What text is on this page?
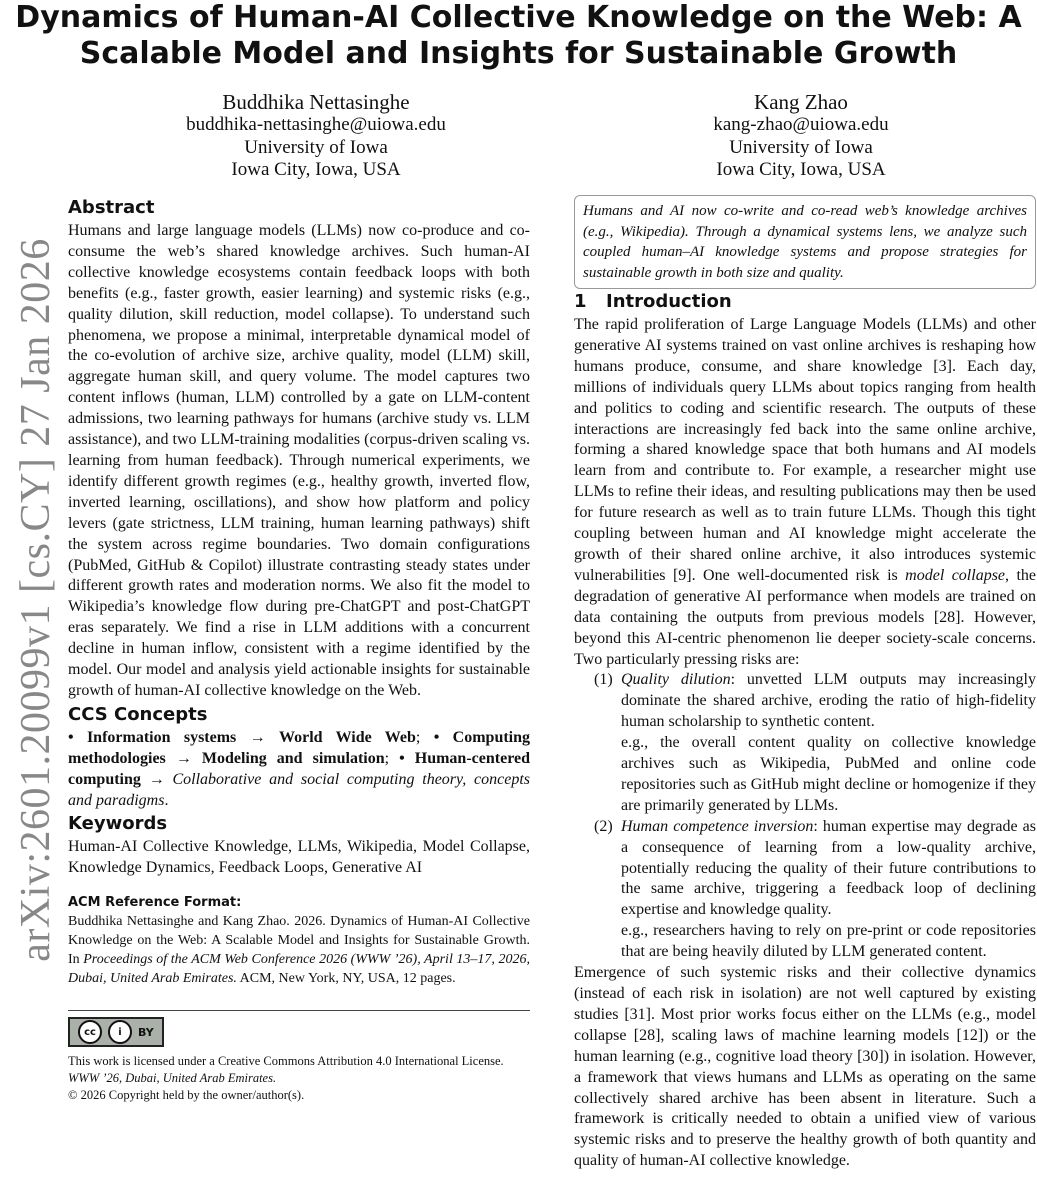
Dynamics of Human-AI Collective Knowledge on the Web: A
Scalable Model and Insights for Sustainable Growth
Buddhika Nettasinghe
buddhika-nettasinghe@uiowa.edu
University of Iowa
Iowa City, Iowa, USA
Kang Zhao
kang-zhao@uiowa.edu
University of Iowa
Iowa City, Iowa, USA
arXiv:2601.20099v1 [cs.CY] 27 Jan 2026
Abstract

Humans and large language models (LLMs) now co-produce and co-consume the web’s shared knowledge archives. Such human-AI collective knowledge ecosystems contain feedback loops with both benefits (e.g., faster growth, easier learning) and systemic risks (e.g., quality dilution, skill reduction, model collapse). To understand such phenomena, we propose a minimal, interpretable dynamical model of the co-evolution of archive size, archive quality, model (LLM) skill, aggregate human skill, and query volume. The model captures two content inflows (human, LLM) controlled by a gate on LLM-content admissions, two learning pathways for humans (archive study vs. LLM assistance), and two LLM-training modalities (corpus-driven scaling vs. learning from human feedback). Through numerical experiments, we identify different growth regimes (e.g., healthy growth, inverted flow, inverted learning, oscillations), and show how platform and policy levers (gate strictness, LLM training, human learning pathways) shift the system across regime boundaries. Two domain configurations (PubMed, GitHub & Copilot) illustrate contrasting steady states under different growth rates and moderation norms. We also fit the model to Wikipedia’s knowledge flow during pre-ChatGPT and post-ChatGPT eras separately. We find a rise in LLM additions with a concurrent decline in human inflow, consistent with a regime identified by the model. Our model and analysis yield actionable insights for sustainable growth of human-AI collective knowledge on the Web.

CCS Concepts

• Information systems → World Wide Web; • Computing methodologies → Modeling and simulation; • Human-centered computing → Collaborative and social computing theory, concepts and paradigms.

Keywords

Human-AI Collective Knowledge, LLMs, Wikipedia, Model Collapse, Knowledge Dynamics, Feedback Loops, Generative AI

ACM Reference Format:

Buddhika Nettasinghe and Kang Zhao. 2026. Dynamics of Human-AI Collective Knowledge on the Web: A Scalable Model and Insights for Sustainable Growth. In Proceedings of the ACM Web Conference 2026 (WWW ’26), April 13–17, 2026, Dubai, United Arab Emirates. ACM, New York, NY, USA, 12 pages.

cc	i	BY

This work is licensed under a Creative Commons Attribution 4.0 International License.
WWW ’26, Dubai, United Arab Emirates.
© 2026 Copyright held by the owner/author(s).

Humans and AI now co-write and co-read web’s knowledge archives (e.g., Wikipedia). Through a dynamical systems lens, we analyze such coupled human–AI knowledge systems and propose strategies for sustainable growth in both size and quality.
1 Introduction

The rapid proliferation of Large Language Models (LLMs) and other generative AI systems trained on vast online archives is reshaping how humans produce, consume, and share knowledge [3]. Each day, millions of individuals query LLMs about topics ranging from health and politics to coding and scientific research. The outputs of these interactions are increasingly fed back into the same online archive, forming a shared knowledge space that both humans and AI models learn from and contribute to. For example, a researcher might use LLMs to refine their ideas, and resulting publications may then be used for future research as well as to train future LLMs. Though this tight coupling between human and AI knowledge might accelerate the growth of their shared online archive, it also introduces systemic vulnerabilities [9]. One well-documented risk is model collapse, the degradation of generative AI performance when models are trained on data containing the outputs from previous models [28]. However, beyond this AI-centric phenomenon lie deeper society-scale concerns. Two particularly pressing risks are:

(1) Quality dilution: unvetted LLM outputs may increasingly dominate the shared archive, eroding the ratio of high-fidelity human scholarship to synthetic content.

e.g., the overall content quality on collective knowledge archives such as Wikipedia, PubMed and online code repositories such as GitHub might decline or homogenize if they are primarily generated by LLMs.

(2) Human competence inversion: human expertise may degrade as a consequence of learning from a low-quality archive, potentially reducing the quality of their future contributions to the same archive, triggering a feedback loop of declining expertise and knowledge quality.

e.g., researchers having to rely on pre-print or code repositories that are being heavily diluted by LLM generated content.

Emergence of such systemic risks and their collective dynamics (instead of each risk in isolation) are not well captured by existing studies [31]. Most prior works focus either on the LLMs (e.g., model collapse [28], scaling laws of machine learning models [12]) or the human learning (e.g., cognitive load theory [30]) in isolation. However, a framework that views humans and LLMs as operating on the same collectively shared archive has been absent in literature. Such a framework is critically needed to obtain a unified view of various systemic risks and to preserve the healthy growth of both quantity and quality of human-AI collective knowledge.
